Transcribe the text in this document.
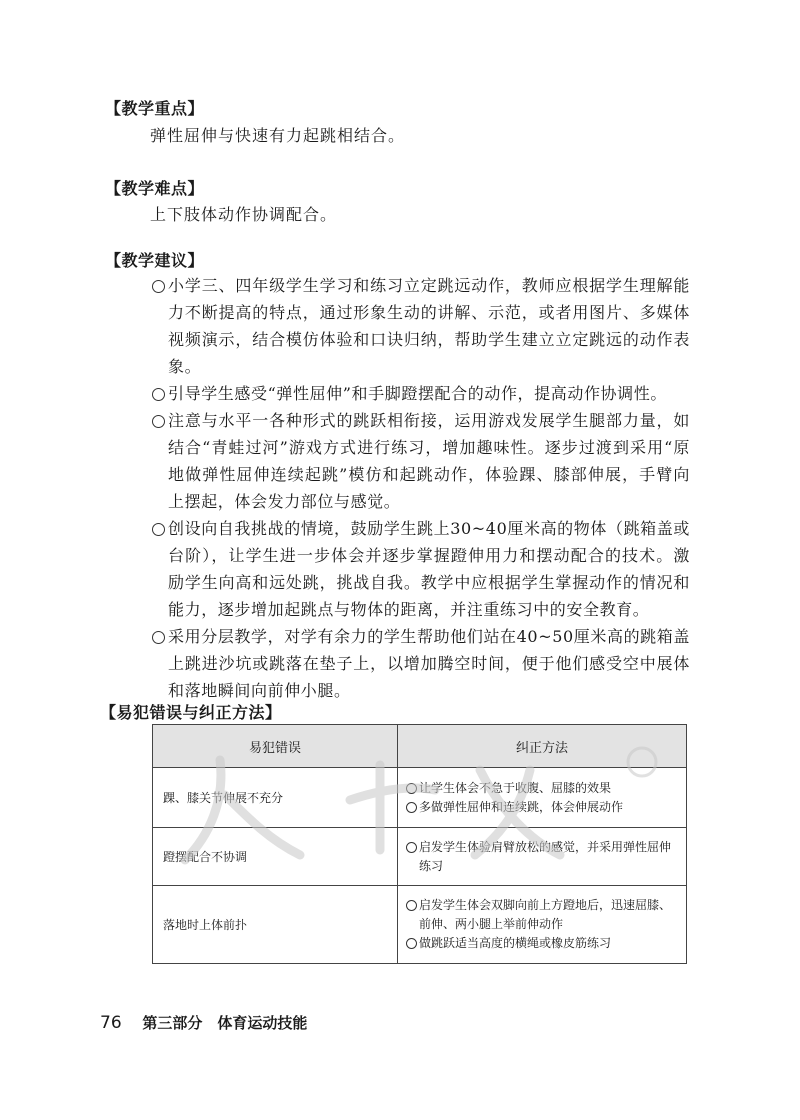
【教学重点】
弹性屈伸与快速有力起跳相结合。
【教学难点】
上下肢体动作协调配合。
【教学建议】
小学三、四年级学生学习和练习立定跳远动作，教师应根据学生理解能力不断提高的特点，通过形象生动的讲解、示范，或者用图片、多媒体视频演示，结合模仿体验和口诀归纳，帮助学生建立立定跳远的动作表象。
引导学生感受“弹性屈伸”和手脚蹬摆配合的动作，提高动作协调性。
注意与水平一各种形式的跳跃相衔接，运用游戏发展学生腿部力量，如结合“青蛙过河”游戏方式进行练习，增加趣味性。逐步过渡到采用“原地做弹性屈伸连续起跳”模仿和起跳动作，体验踝、膝部伸展，手臂向上摆起，体会发力部位与感觉。
创设向自我挑战的情境，鼓励学生跳上30~40厘米高的物体（跳箱盖或台阶），让学生进一步体会并逐步掌握蹬伸用力和摆动配合的技术。激励学生向高和远处跳，挑战自我。教学中应根据学生掌握动作的情况和能力，逐步增加起跳点与物体的距离，并注重练习中的安全教育。
采用分层教学，对学有余力的学生帮助他们站在40~50厘米高的跳箱盖上跳进沙坑或跳落在垫子上，以增加腾空时间，便于他们感受空中展体和落地瞬间向前伸小腿。
【易犯错误与纠正方法】
易犯错误	纠正方法
踝、膝关节伸展不充分	让学生体会不急于收腹、屈膝的效果
多做弹性屈伸和连续跳，体会伸展动作

蹬摆配合不协调	启发学生体验肩臂放松的感觉，并采用弹性屈伸练习

落地时上体前扑	启发学生体会双脚向前上方蹬地后，迅速屈膝、前伸、两小腿上举前伸动作
做跳跃适当高度的横绳或橡皮筋练习
76 第三部分　体育运动技能
